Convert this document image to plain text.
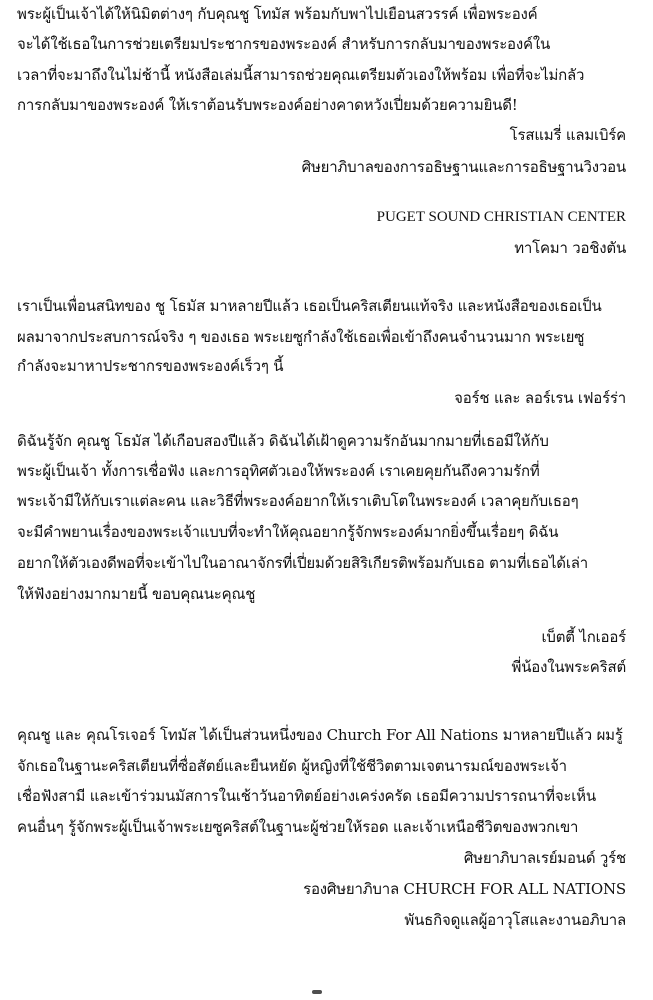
พระผู้เป็นเจ้าได้ให้นิมิตต่างๆ กับคุณชู โทมัส พร้อมกับพาไปเยือนสวรรค์ เพื่อพระองค์
จะได้ใช้เธอในการช่วยเตรียมประชากรของพระองค์ สำหรับการกลับมาของพระองค์ใน
เวลาที่จะมาถึงในไม่ช้านี้ หนังสือเล่มนี้สามารถช่วยคุณเตรียมตัวเองให้พร้อม เพื่อที่จะไม่กลัว
การกลับมาของพระองค์ ให้เราต้อนรับพระองค์อย่างคาดหวังเปี่ยมด้วยความยินดี!
โรสแมรี่ แลมเบิร์ค
ศิษยาภิบาลของการอธิษฐานและการอธิษฐานวิงวอน
PUGET SOUND CHRISTIAN CENTER
ทาโคมา วอชิงตัน
เราเป็นเพื่อนสนิทของ ชู โธมัส มาหลายปีแล้ว เธอเป็นคริสเตียนแท้จริง และหนังสือของเธอเป็น
ผลมาจากประสบการณ์จริง ๆ ของเธอ พระเยซูกำลังใช้เธอเพื่อเข้าถึงคนจำนวนมาก พระเยซู
กำลังจะมาหาประชากรของพระองค์เร็วๆ นี้
จอร์ช และ ลอร์เรน เฟอร์ร่า
ดิฉันรู้จัก คุณชู โธมัส ได้เกือบสองปีแล้ว ดิฉันได้เฝ้าดูความรักอันมากมายที่เธอมีให้กับ
พระผู้เป็นเจ้า ทั้งการเชื่อฟัง และการอุทิศตัวเองให้พระองค์ เราเคยคุยกันถึงความรักที่
พระเจ้ามีให้กับเราแต่ละคน และวิธีที่พระองค์อยากให้เราเติบโตในพระองค์ เวลาคุยกับเธอๆ
จะมีคำพยานเรื่องของพระเจ้าแบบที่จะทำให้คุณอยากรู้จักพระองค์มากยิ่งขึ้นเรื่อยๆ ดิฉัน
อยากให้ตัวเองดีพอที่จะเข้าไปในอาณาจักรที่เปี่ยมด้วยสิริเกียรติพร้อมกับเธอ ตามที่เธอได้เล่า
ให้ฟังอย่างมากมายนี้ ขอบคุณนะคุณชู
เบ็ตตี้ ไกเออร์
พี่น้องในพระคริสต์
คุณชู และ คุณโรเจอร์ โทมัส ได้เป็นส่วนหนึ่งของ Church For All Nations มาหลายปีแล้ว ผมรู้
จักเธอในฐานะคริสเตียนที่ซื่อสัตย์และยืนหยัด ผู้หญิงที่ใช้ชีวิตตามเจตนารมณ์ของพระเจ้า
เชื่อฟังสามี และเข้าร่วมนมัสการในเช้าวันอาทิตย์อย่างเคร่งครัด เธอมีความปรารถนาที่จะเห็น
คนอื่นๆ รู้จักพระผู้เป็นเจ้าพระเยซูคริสต์ในฐานะผู้ช่วยให้รอด และเจ้าเหนือชีวิตของพวกเขา
ศิษยาภิบาลเรย์มอนด์ วูร์ช
รองศิษยาภิบาล CHURCH FOR ALL NATIONS
พันธกิจดูแลผู้อาวุโสและงานอภิบาล
